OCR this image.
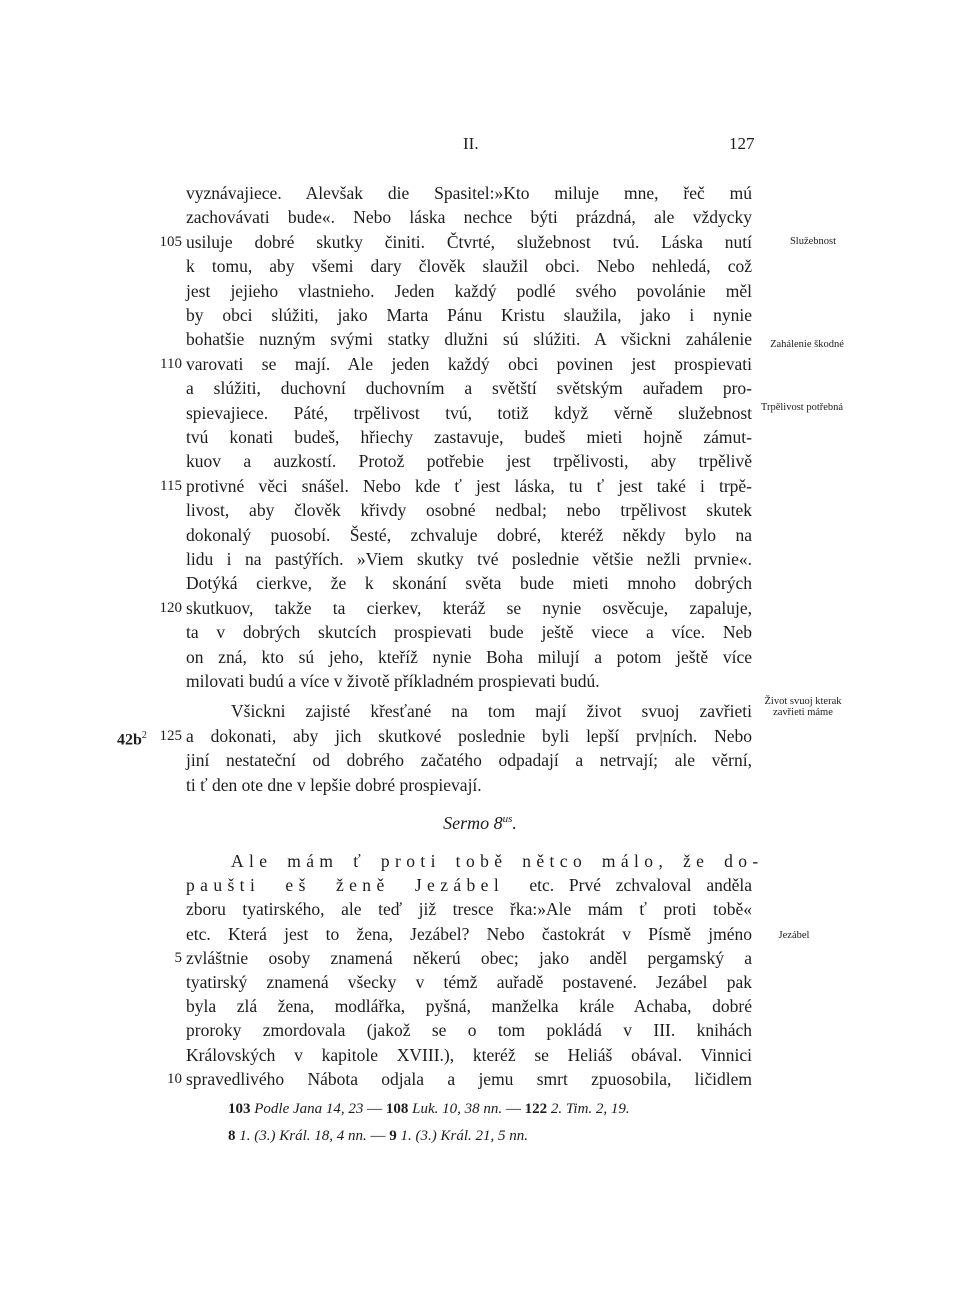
II.	127
vyznávajiece. Alevšak die Spasitel:»Kto miluje mne, řeč mú
zachovávati bude«. Nebo láska nechce býti prázdná, ale vždycky
usiluje dobré skutky činiti. Čtvrté, služebnost tvú. Láska nutí
105
k tomu, aby všemi dary člověk slaužil obci. Nebo nehledá, což
jest jejieho vlastnieho. Jeden každý podlé svého povolánie měl
by obci slúžiti, jako Marta Pánu Kristu slaužila, jako i nynie
bohatšie nuzným svými statky dlužni sú slúžiti. A všickni zahálenie
varovati se mají. Ale jeden každý obci povinen jest prospievati
110
a slúžiti, duchovní duchovním a světští světským auřadem pro-
spievajiece. Páté, trpělivost tvú, totiž když věrně služebnost
tvú konati budeš, hřiechy zastavuje, budeš mieti hojně zámut-
kuov a auzkostí. Protož potřebie jest trpělivosti, aby trpělivě
protivné věci snášel. Nebo kde ť jest láska, tu ť jest také i trpě-
115
livost, aby člověk křivdy osobné nedbal; nebo trpělivost skutek
dokonalý puosobí. Šesté, zchvaluje dobré, kteréž někdy bylo na
lidu i na pastýřích. »Viem skutky tvé poslednie většie nežli prvnie«.
Dotýká cierkve, že k skonání světa bude mieti mnoho dobrých
skutkuov, takže ta cierkev, kteráž se nynie osvěcuje, zapaluje,
120
ta v dobrých skutcích prospievati bude ještě viece a více. Neb
on zná, kto sú jeho, kteříž nynie Boha milují a potom ještě více
milovati budú a více v životě příkladném prospievati budú.
Všickni zajisté křesťané na tom mají život svuoj zavřieti
a dokonati, aby jich skutkové poslednie byli lepší prv|ních. Nebo
125
$42b^2$
jiní nestateční od dobrého začatého odpadají a netrvají; ale věrní,
ti ť den ote dne v lepšie dobré prospievají.
Sermo $8^{us}$.
Ale mám ť proti tobě nětco málo, že do-
paušti eš ženě Jezábel etc. Prvé zchvaloval anděla
zboru tyatirského, ale teď již tresce řka:»Ale mám ť proti tobě«
etc. Která jest to žena, Jezábel? Nebo častokrát v Písmě jméno
zvláštnie osoby znamená někerú obec; jako anděl pergamský a
5
tyatirský znamená všecky v témž auřadě postavené. Jezábel pak
byla zlá žena, modlářka, pyšná, manželka krále Achaba, dobré
proroky zmordovala (jakož se o tom pokládá v III. knihách
Královských v kapitole XVIII.), kteréž se Heliáš obával. Vinnici
spravedlivého Nábota odjala a jemu smrt zpuosobila, ličidlem
10
Služebnost
Zahálenie škodné
Trpělivost potřebná
Život svuoj kterak zavřieti máme
Jezábel
103 Podle Jana 14, 23 — 108 Luk. 10, 38 nn. — 122 2. Tim. 2, 19.
8 1. (3.) Král. 18, 4 nn. — 9 1. (3.) Král. 21, 5 nn.
